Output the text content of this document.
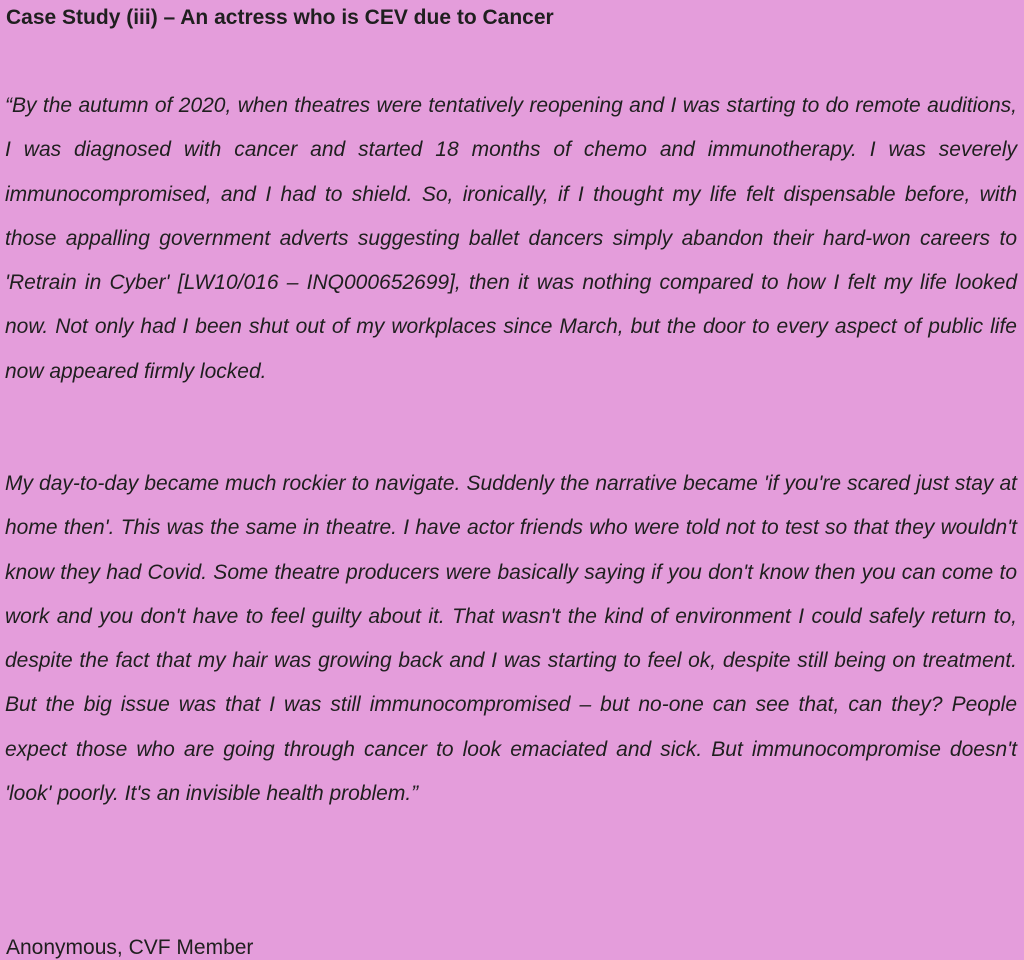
Case Study (iii) – An actress who is CEV due to Cancer

“By the autumn of 2020, when theatres were tentatively reopening and I was starting to do remote auditions, I was diagnosed with cancer and started 18 months of chemo and immunotherapy. I was severely immunocompromised, and I had to shield. So, ironically, if I thought my life felt dispensable before, with those appalling government adverts suggesting ballet dancers simply abandon their hard-won careers to 'Retrain in Cyber' [LW10/016 – INQ000652699], then it was nothing compared to how I felt my life looked now. Not only had I been shut out of my workplaces since March, but the door to every aspect of public life now appeared firmly locked.

My day-to-day became much rockier to navigate. Suddenly the narrative became 'if you're scared just stay at home then'. This was the same in theatre. I have actor friends who were told not to test so that they wouldn't know they had Covid. Some theatre producers were basically saying if you don't know then you can come to work and you don't have to feel guilty about it. That wasn't the kind of environment I could safely return to, despite the fact that my hair was growing back and I was starting to feel ok, despite still being on treatment. But the big issue was that I was still immunocompromised – but no-one can see that, can they? People expect those who are going through cancer to look emaciated and sick. But immunocompromise doesn't 'look' poorly. It's an invisible health problem.”

Anonymous, CVF Member
